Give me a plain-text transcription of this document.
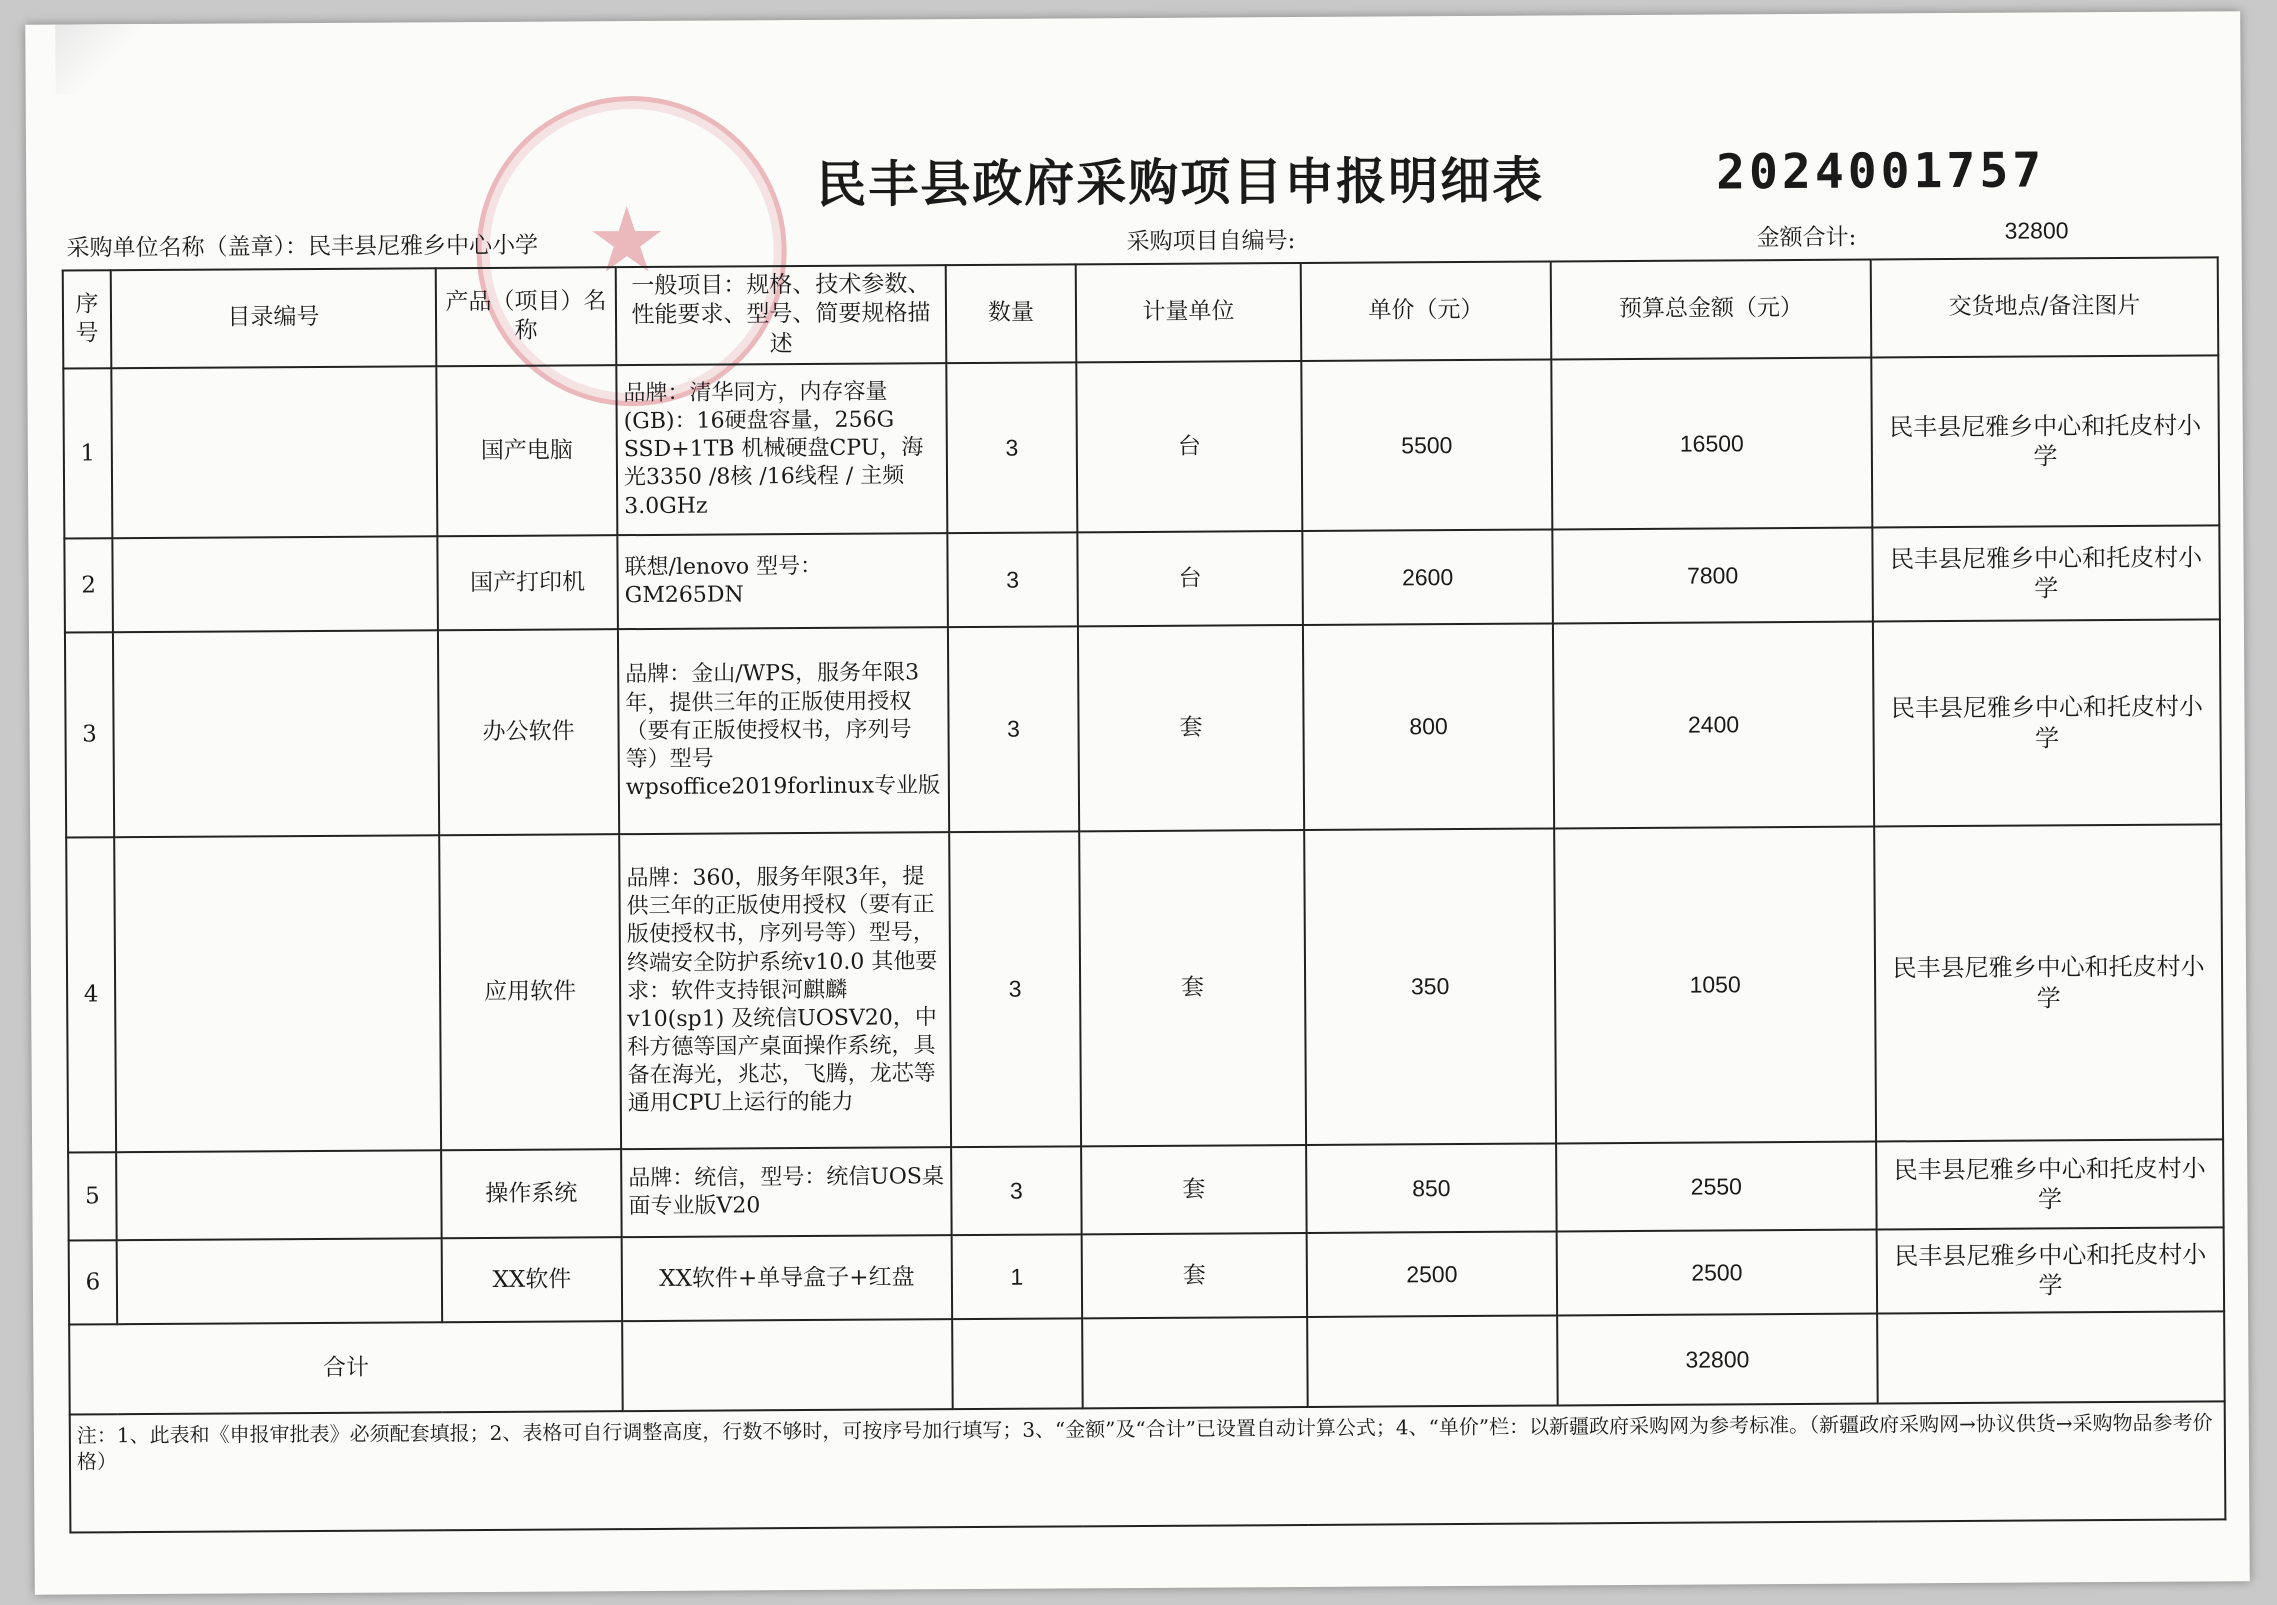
★
民丰县政府采购项目申报明细表	2024001757
采购单位名称（盖章）：民丰县尼雅乡中心小学	采购项目自编号:	金额合计:	32800
序号	目录编号	产品（项目）名称	一般项目：规格、技术参数、性能要求、型号、简要规格描述	数量	计量单位	单价（元）	预算总金额（元）	交货地点/备注图片
1		国产电脑	品牌：清华同方，内存容量(GB)：16硬盘容量，256G SSD+1TB 机械硬盘CPU，海光3350 /8核 /16线程 / 主频3.0GHz	3	台	5500	16500	民丰县尼雅乡中心和托皮村小学
2		国产打印机	联想/lenovo 型号：GM265DN	3	台	2600	7800	民丰县尼雅乡中心和托皮村小学
3		办公软件	品牌：金山/WPS，服务年限3年，提供三年的正版使用授权（要有正版使授权书，序列号等）型号wpsoffice2019forlinux专业版	3	套	800	2400	民丰县尼雅乡中心和托皮村小学
4		应用软件	品牌：360，服务年限3年，提供三年的正版使用授权（要有正版使授权书，序列号等）型号，终端安全防护系统v10.0 其他要求：软件支持银河麒麟v10(sp1) 及统信UOSV20，中科方德等国产桌面操作系统，具备在海光，兆芯，飞腾，龙芯等通用CPU上运行的能力	3	套	350	1050	民丰县尼雅乡中心和托皮村小学
5		操作系统	品牌：统信，型号：统信UOS桌面专业版V20	3	套	850	2550	民丰县尼雅乡中心和托皮村小学
6		XX软件	XX软件+单导盒子+红盘	1	套	2500	2500	民丰县尼雅乡中心和托皮村小学
合计							32800	
注：1、此表和《申报审批表》必须配套填报；2、表格可自行调整高度，行数不够时，可按序号加行填写；3、“金额”及“合计”已设置自动计算公式；4、“单价”栏：以新疆政府采购网为参考标准。（新疆政府采购网→协议供货→采购物品参考价格）								
